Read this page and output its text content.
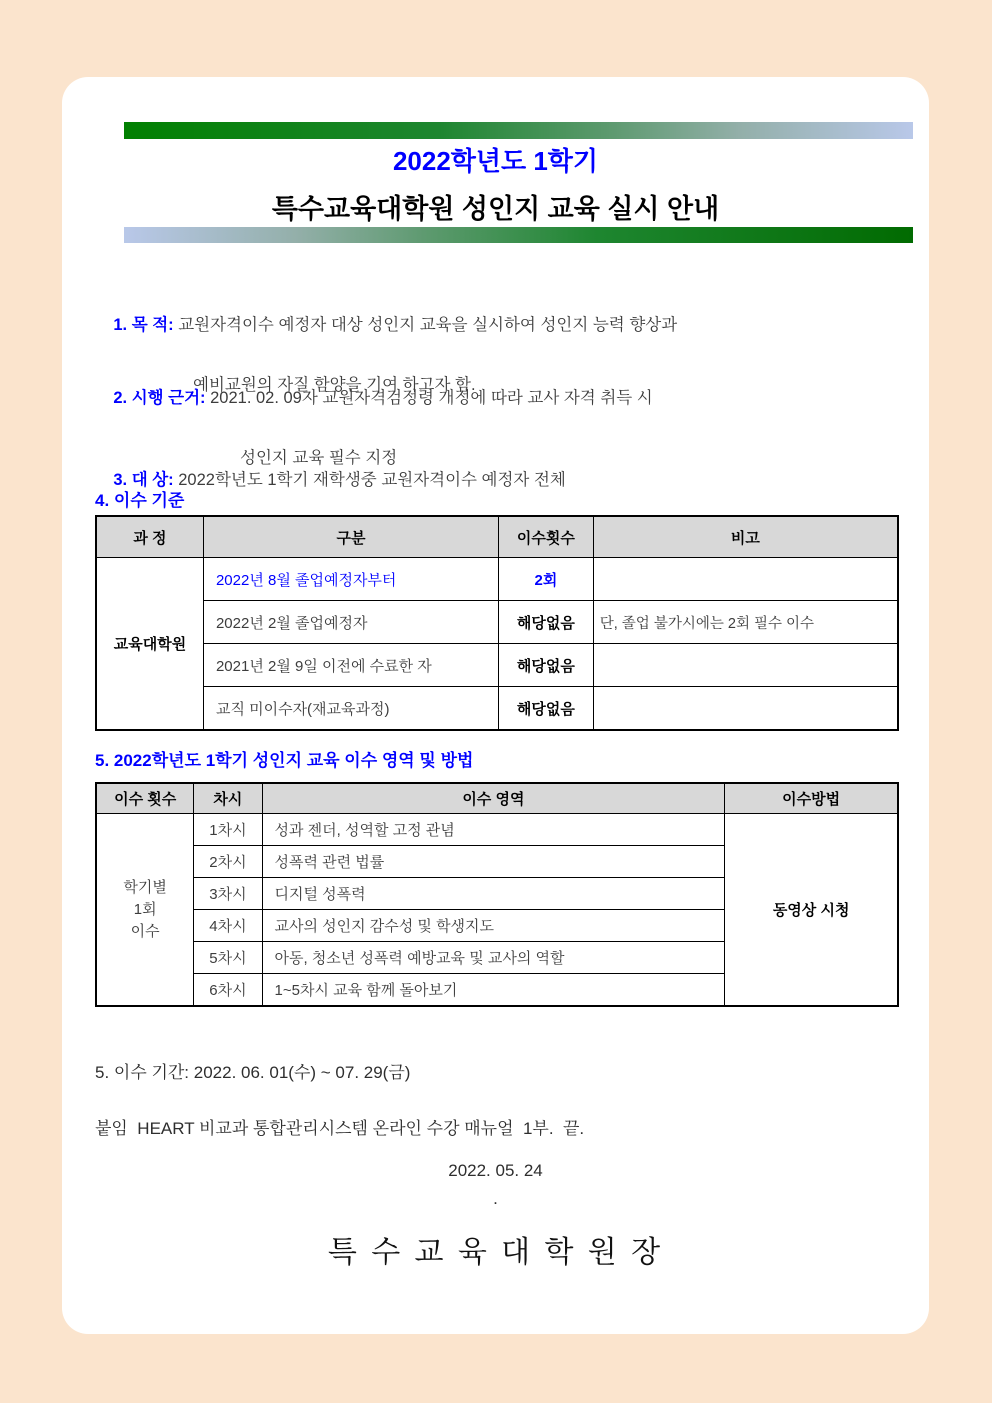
2022학년도 1학기
특수교육대학원 성인지 교육 실시 안내

1. 목 적: 교원자격이수 예정자 대상 성인지 교육을 실시하여 성인지 능력 향상과

예비교원의 자질 함양을 기여 하고자 함.

2. 시행 근거: 2021. 02. 09자 교원자격검정령 개정에 따라 교사 자격 취득 시

성인지 교육 필수 지정

3. 대 상: 2022학년도 1학기 재학생중 교원자격이수 예정자 전체

4. 이수 기준
과 정	구분	이수횟수	비고
교육대학원	2022년 8월 졸업예정자부터	2회	
	2022년 2월 졸업예정자	해당없음	단, 졸업 불가시에는 2회 필수 이수
	2021년 2월 9일 이전에 수료한 자	해당없음	
	교직 미이수자(재교육과정)	해당없음	
5. 2022학년도 1학기 성인지 교육 이수 영역 및 방법
이수 횟수	차시	이수 영역	이수방법

학기별
1회
이수	1차시	성과 젠더, 성역할 고정 관념	동영상 시청
	2차시	성폭력 관련 법률	
	3차시	디지털 성폭력	
	4차시	교사의 성인지 감수성 및 학생지도	
	5차시	아동, 청소년 성폭력 예방교육 및 교사의 역할	
	6차시	1~5차시 교육 함께 돌아보기	
5. 이수 기간: 2022. 06. 01(수) ~ 07. 29(금)
붙임  HEART 비교과 통합관리시스템 온라인 수강 매뉴얼  1부.  끝.
2022. 05. 24
.
특 수 교 육 대 학 원 장
